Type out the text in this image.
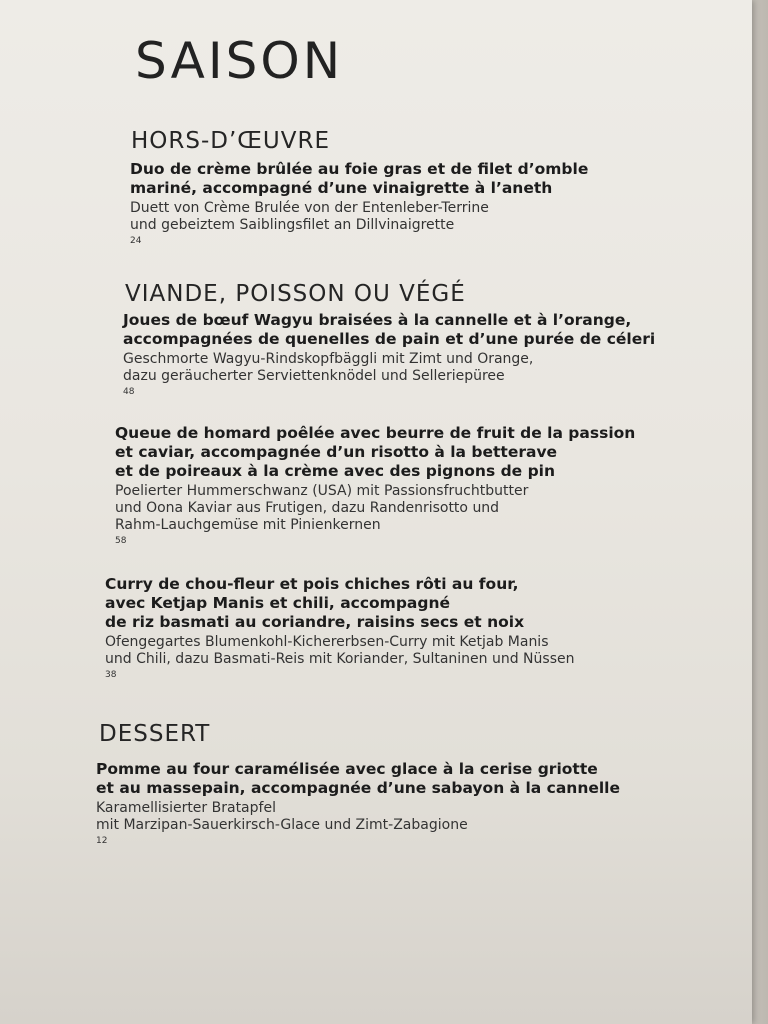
SAISON
HORS-D’ŒUVRE

Duo de crème brûlée au foie gras et de filet d’omble
mariné, accompagné d’une vinaigrette à l’aneth

Duett von Crème Brulée von der Entenleber-Terrine
und gebeiztem Saiblingsfilet an Dillvinaigrette

24

VIANDE, POISSON OU VÉGÉ

Joues de bœuf Wagyu braisées à la cannelle et à l’orange,
accompagnées de quenelles de pain et d’une purée de céleri

Geschmorte Wagyu-Rindskopfbäggli mit Zimt und Orange,
dazu geräucherter Serviettenknödel und Selleriepüree

48

Queue de homard poêlée avec beurre de fruit de la passion
et caviar, accompagnée d’un risotto à la betterave
et de poireaux à la crème avec des pignons de pin

Poelierter Hummerschwanz (USA) mit Passionsfruchtbutter
und Oona Kaviar aus Frutigen, dazu Randenrisotto und
Rahm-Lauchgemüse mit Pinienkernen

58

Curry de chou-fleur et pois chiches rôti au four,
avec Ketjap Manis et chili, accompagné
de riz basmati au coriandre, raisins secs et noix

Ofengegartes Blumenkohl-Kichererbsen-Curry mit Ketjab Manis
und Chili, dazu Basmati-Reis mit Koriander, Sultaninen und Nüssen

38

DESSERT

Pomme au four caramélisée avec glace à la cerise griotte
et au massepain, accompagnée d’une sabayon à la cannelle

Karamellisierter Bratapfel
mit Marzipan-Sauerkirsch-Glace und Zimt-Zabagione

12
